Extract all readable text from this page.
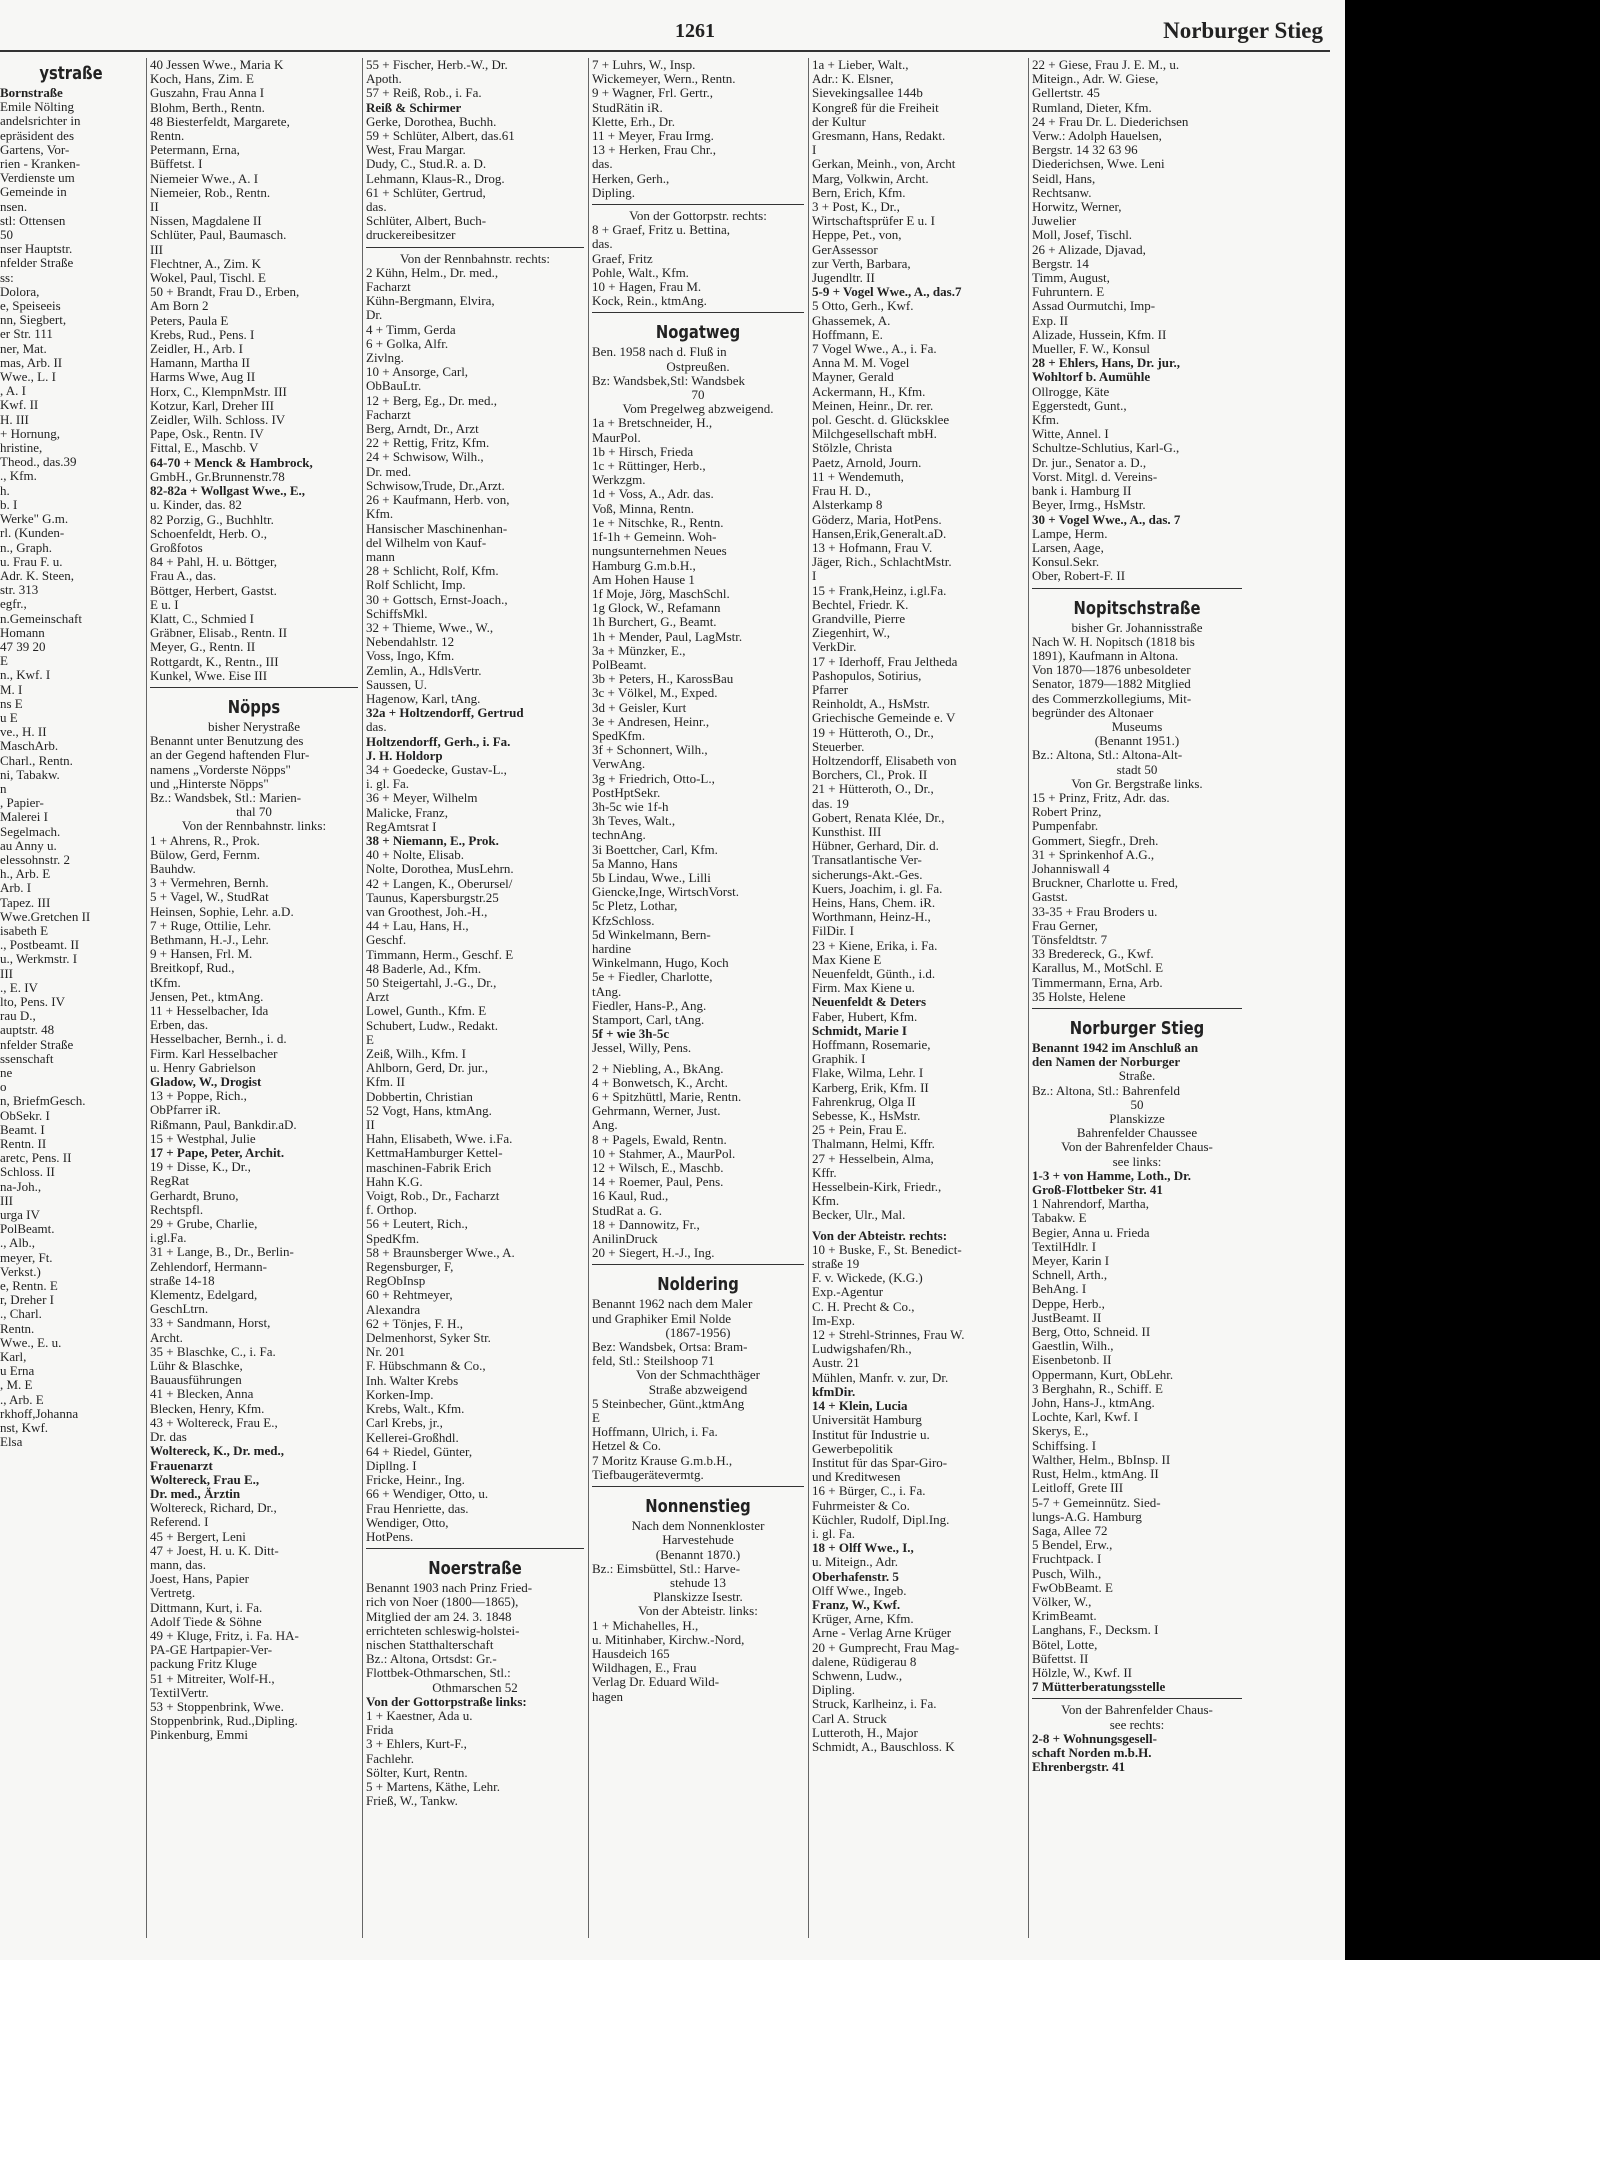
1261	Norburger Stieg
ystraße
Bornstraße
Emile Nölting
andelsrichter in
epräsident des
Gartens, Vor-
rien - Kranken-
Verdienste um
Gemeinde in
nsen.
stl: Ottensen
50
nser Hauptstr.
nfelder Straße
ss:
Dolora,
e, Speiseeis
nn, Siegbert,
er Str. 111
ner, Mat.
mas, Arb. II
Wwe., L. I
, A. I
Kwf. II
H. III
+ Hornung,
hristine,
Theod., das.39
., Kfm.
h.
b. I
Werke" G.m.
rl. (Kunden-
n., Graph.
u. Frau F. u.
Adr. K. Steen,
str. 313
egfr.,
n.Gemeinschaft
Homann
47 39 20
E
n., Kwf. I
M. I
ns E
u E
ve., H. II
MaschArb.
Charl., Rentn.
ni, Tabakw.
n
, Papier-
Malerei I
Segelmach.
au Anny u.
elessohnstr. 2
h., Arb. E
Arb. I
Tapez. III
Wwe.Gretchen II
isabeth E
., Postbeamt. II
u., Werkmstr. I
III
., E. IV
lto, Pens. IV
rau D.,
auptstr. 48
nfelder Straße
ssenschaft
ne
o
n, BriefmGesch.
ObSekr. I
Beamt. I
Rentn. II
aretc, Pens. II
Schloss. II
na-Joh.,
III
urga IV
PolBeamt.
., Alb.,
meyer, Ft.
Verkst.)
e, Rentn. E
r, Dreher I
., Charl.
Rentn.
Wwe., E. u.
Karl,
u Erna
, M. E
., Arb. E
rkhoff,Johanna
nst, Kwf.
Elsa
40 Jessen Wwe., Maria K
Koch, Hans, Zim. E
Guszahn, Frau Anna I
Blohm, Berth., Rentn.
48 Biesterfeldt, Margarete,
Rentn.
Petermann, Erna,
Büffetst. I
Niemeier Wwe., A. I
Niemeier, Rob., Rentn.
II
Nissen, Magdalene II
Schlüter, Paul, Baumasch.
III
Flechtner, A., Zim. K
Wokel, Paul, Tischl. E
50 + Brandt, Frau D., Erben,
Am Born 2
Peters, Paula E
Krebs, Rud., Pens. I
Zeidler, H., Arb. I
Hamann, Martha II
Harms Wwe, Aug II
Horx, C., KlempnMstr. III
Kotzur, Karl, Dreher III
Zeidler, Wilh. Schloss. IV
Pape, Osk., Rentn. IV
Fittal, E., Maschb. V
64-70 + Menck & Hambrock,
GmbH., Gr.Brunnenstr.78
82-82a + Wollgast Wwe., E.,
u. Kinder, das. 82
82 Porzig, G., Buchhltr.
Schoenfeldt, Herb. O.,
Großfotos
84 + Pahl, H. u. Böttger,
Frau A., das.
Böttger, Herbert, Gastst.
E u. I
Klatt, C., Schmied I
Gräbner, Elisab., Rentn. II
Meyer, G., Rentn. II
Rottgardt, K., Rentn., III
Kunkel, Wwe. Eise III
Nöpps
bisher Nerystraße
Benannt unter Benutzung des
an der Gegend haftenden Flur-
namens „Vorderste Nöpps"
und „Hinterste Nöpps"
Bz.: Wandsbek, Stl.: Marien-
thal 70
Von der Rennbahnstr. links:
1 + Ahrens, R., Prok.
Bülow, Gerd, Fernm.
Bauhdw.
3 + Vermehren, Bernh.
5 + Vagel, W., StudRat
Heinsen, Sophie, Lehr. a.D.
7 + Ruge, Ottilie, Lehr.
Bethmann, H.-J., Lehr.
9 + Hansen, Frl. M.
Breitkopf, Rud.,
tKfm.
Jensen, Pet., ktmAng.
11 + Hesselbacher, Ida
Erben, das.
Hesselbacher, Bernh., i. d.
Firm. Karl Hesselbacher
u. Henry Gabrielson
Gladow, W., Drogist
13 + Poppe, Rich.,
ObPfarrer iR.
Rißmann, Paul, Bankdir.aD.
15 + Westphal, Julie
17 + Pape, Peter, Archit.
19 + Disse, K., Dr.,
RegRat
Gerhardt, Bruno,
Rechtspfl.
29 + Grube, Charlie,
i.gl.Fa.
31 + Lange, B., Dr., Berlin-
Zehlendorf, Hermann-
straße 14-18
Klementz, Edelgard,
GeschLtrn.
33 + Sandmann, Horst,
Archt.
35 + Blaschke, C., i. Fa.
Lühr & Blaschke,
Bauausführungen
41 + Blecken, Anna
Blecken, Henry, Kfm.
43 + Woltereck, Frau E.,
Dr. das
Woltereck, K., Dr. med.,
Frauenarzt
Woltereck, Frau E.,
Dr. med., Ärztin
Woltereck, Richard, Dr.,
Referend. I
45 + Bergert, Leni
47 + Joest, H. u. K. Ditt-
mann, das.
Joest, Hans, Papier
Vertretg.
Dittmann, Kurt, i. Fa.
Adolf Tiede & Söhne
49 + Kluge, Fritz, i. Fa. HA-
PA-GE Hartpapier-Ver-
packung Fritz Kluge
51 + Mitreiter, Wolf-H.,
TextilVertr.
53 + Stoppenbrink, Wwe.
Stoppenbrink, Rud.,Dipling.
Pinkenburg, Emmi
55 + Fischer, Herb.-W., Dr.
Apoth.
57 + Reiß, Rob., i. Fa.
Reiß & Schirmer
Gerke, Dorothea, Buchh.
59 + Schlüter, Albert, das.61
West, Frau Margar.
Dudy, C., Stud.R. a. D.
Lehmann, Klaus-R., Drog.
61 + Schlüter, Gertrud,
das.
Schlüter, Albert, Buch-
druckereibesitzer
Von der Rennbahnstr. rechts:
2 Kühn, Helm., Dr. med.,
Facharzt
Kühn-Bergmann, Elvira,
Dr.
4 + Timm, Gerda
6 + Golka, Alfr.
Zivlng.
10 + Ansorge, Carl,
ObBauLtr.
12 + Berg, Eg., Dr. med.,
Facharzt
Berg, Arndt, Dr., Arzt
22 + Rettig, Fritz, Kfm.
24 + Schwisow, Wilh.,
Dr. med.
Schwisow,Trude, Dr.,Arzt.
26 + Kaufmann, Herb. von,
Kfm.
Hansischer Maschinenhan-
del Wilhelm von Kauf-
mann
28 + Schlicht, Rolf, Kfm.
Rolf Schlicht, Imp.
30 + Gottsch, Ernst-Joach.,
SchiffsMkl.
32 + Thieme, Wwe., W.,
Nebendahlstr. 12
Voss, Ingo, Kfm.
Zemlin, A., HdlsVertr.
Saussen, U.
Hagenow, Karl, tAng.
32a + Holtzendorff, Gertrud
das.
Holtzendorff, Gerh., i. Fa.
J. H. Holdorp
34 + Goedecke, Gustav-L.,
i. gl. Fa.
36 + Meyer, Wilhelm
Malicke, Franz,
RegAmtsrat I
38 + Niemann, E., Prok.
40 + Nolte, Elisab.
Nolte, Dorothea, MusLehrn.
42 + Langen, K., Oberursel/
Taunus, Kapersburgstr.25
van Groothest, Joh.-H.,
44 + Lau, Hans, H.,
Geschf.
Timmann, Herm., Geschf. E
48 Baderle, Ad., Kfm.
50 Steigertahl, J.-G., Dr.,
Arzt
Lowel, Gunth., Kfm. E
Schubert, Ludw., Redakt.
E
Zeiß, Wilh., Kfm. I
Ahlborn, Gerd, Dr. jur.,
Kfm. II
Dobbertin, Christian
52 Vogt, Hans, ktmAng.
II
Hahn, Elisabeth, Wwe. i.Fa.
KettmaHamburger Kettel-
maschinen-Fabrik Erich
Hahn K.G.
Voigt, Rob., Dr., Facharzt
f. Orthop.
56 + Leutert, Rich.,
SpedKfm.
58 + Braunsberger Wwe., A.
Regensburger, F,
RegObInsp
60 + Rehtmeyer,
Alexandra
62 + Tönjes, F. H.,
Delmenhorst, Syker Str.
Nr. 201
F. Hübschmann & Co.,
Inh. Walter Krebs
Korken-Imp.
Krebs, Walt., Kfm.
Carl Krebs, jr.,
Kellerei-Großhdl.
64 + Riedel, Günter,
Dipllng. I
Fricke, Heinr., Ing.
66 + Wendiger, Otto, u.
Frau Henriette, das.
Wendiger, Otto,
HotPens.
Noerstraße
Benannt 1903 nach Prinz Fried-
rich von Noer (1800—1865),
Mitglied der am 24. 3. 1848
errichteten schleswig-holstei-
nischen Statthalterschaft
Bz.: Altona, Ortsdst: Gr.-
Flottbek-Othmarschen, Stl.:
Othmarschen 52
Von der Gottorpstraße links:
1 + Kaestner, Ada u.
Frida
3 + Ehlers, Kurt-F.,
Fachlehr.
Sölter, Kurt, Rentn.
5 + Martens, Käthe, Lehr.
Frieß, W., Tankw.
7 + Luhrs, W., Insp.
Wickemeyer, Wern., Rentn.
9 + Wagner, Frl. Gertr.,
StudRätin iR.
Klette, Erh., Dr.
11 + Meyer, Frau Irmg.
13 + Herken, Frau Chr.,
das.
Herken, Gerh.,
Dipling.
Von der Gottorpstr. rechts:
8 + Graef, Fritz u. Bettina,
das.
Graef, Fritz
Pohle, Walt., Kfm.
10 + Hagen, Frau M.
Kock, Rein., ktmAng.
Nogatweg
Ben. 1958 nach d. Fluß in
Ostpreußen.
Bz: Wandsbek,Stl: Wandsbek
70
Vom Pregelweg abzweigend.
1a + Bretschneider, H.,
MaurPol.
1b + Hirsch, Frieda
1c + Rüttinger, Herb.,
Werkzgm.
1d + Voss, A., Adr. das.
Voß, Minna, Rentn.
1e + Nitschke, R., Rentn.
1f-1h + Gemeinn. Woh-
nungsunternehmen Neues
Hamburg G.m.b.H.,
Am Hohen Hause 1
1f Moje, Jörg, MaschSchl.
1g Glock, W., Refamann
1h Burchert, G., Beamt.
1h + Mender, Paul, LagMstr.
3a + Münzker, E.,
PolBeamt.
3b + Peters, H., KarossBau
3c + Völkel, M., Exped.
3d + Geisler, Kurt
3e + Andresen, Heinr.,
SpedKfm.
3f + Schonnert, Wilh.,
VerwAng.
3g + Friedrich, Otto-L.,
PostHptSekr.
3h-5c wie 1f-h
3h Teves, Walt.,
technAng.
3i Boettcher, Carl, Kfm.
5a Manno, Hans
5b Lindau, Wwe., Lilli
Giencke,Inge, WirtschVorst.
5c Pletz, Lothar,
KfzSchloss.
5d Winkelmann, Bern-
hardine
Winkelmann, Hugo, Koch
5e + Fiedler, Charlotte,
tAng.
Fiedler, Hans-P., Ang.
Stamport, Carl, tAng.
5f + wie 3h-5c
Jessel, Willy, Pens.
2 + Niebling, A., BkAng.
4 + Bonwetsch, K., Archt.
6 + Spitzhüttl, Marie, Rentn.
Gehrmann, Werner, Just.
Ang.
8 + Pagels, Ewald, Rentn.
10 + Stahmer, A., MaurPol.
12 + Wilsch, E., Maschb.
14 + Roemer, Paul, Pens.
16 Kaul, Rud.,
StudRat a. G.
18 + Dannowitz, Fr.,
AnilinDruck
20 + Siegert, H.-J., Ing.
Noldering
Benannt 1962 nach dem Maler
und Graphiker Emil Nolde
(1867-1956)
Bez: Wandsbek, Ortsa: Bram-
feld, Stl.: Steilshoop 71
Von der Schmachthäger
Straße abzweigend
5 Steinbecher, Günt.,ktmAng
E
Hoffmann, Ulrich, i. Fa.
Hetzel & Co.
7 Moritz Krause G.m.b.H.,
Tiefbaugerätevermtg.
Nonnenstieg
Nach dem Nonnenkloster
Harvestehude
(Benannt 1870.)
Bz.: Eimsbüttel, Stl.: Harve-
stehude 13
Planskizze Isestr.
Von der Abteistr. links:
1 + Michahelles, H.,
u. Mitinhaber, Kirchw.-Nord,
Hausdeich 165
Wildhagen, E., Frau
Verlag Dr. Eduard Wild-
hagen
1a + Lieber, Walt.,
Adr.: K. Elsner,
Sievekingsallee 144b
Kongreß für die Freiheit
der Kultur
Gresmann, Hans, Redakt.
I
Gerkan, Meinh., von, Archt
Marg, Volkwin, Archt.
Bern, Erich, Kfm.
3 + Post, K., Dr.,
Wirtschaftsprüfer E u. I
Heppe, Pet., von,
GerAssessor
zur Verth, Barbara,
Jugendltr. II
5-9 + Vogel Wwe., A., das.7
5 Otto, Gerh., Kwf.
Ghassemek, A.
Hoffmann, E.
7 Vogel Wwe., A., i. Fa.
Anna M. M. Vogel
Mayner, Gerald
Ackermann, H., Kfm.
Meinen, Heinr., Dr. rer.
pol. Gescht. d. Glücksklee
Milchgesellschaft mbH.
Stölzle, Christa
Paetz, Arnold, Journ.
11 + Wendemuth,
Frau H. D.,
Alsterkamp 8
Göderz, Maria, HotPens.
Hansen,Erik,Generalt.aD.
13 + Hofmann, Frau V.
Jäger, Rich., SchlachtMstr.
I
15 + Frank,Heinz, i.gl.Fa.
Bechtel, Friedr. K.
Grandville, Pierre
Ziegenhirt, W.,
VerkDir.
17 + Iderhoff, Frau Jeltheda
Pashopulos, Sotirius,
Pfarrer
Reinholdt, A., HsMstr.
Griechische Gemeinde e. V
19 + Hütteroth, O., Dr.,
Steuerber.
Holtzendorff, Elisabeth von
Borchers, Cl., Prok. II
21 + Hütteroth, O., Dr.,
das. 19
Gobert, Renata Klée, Dr.,
Kunsthist. III
Hübner, Gerhard, Dir. d.
Transatlantische Ver-
sicherungs-Akt.-Ges.
Kuers, Joachim, i. gl. Fa.
Heins, Hans, Chem. iR.
Worthmann, Heinz-H.,
FilDir. I
23 + Kiene, Erika, i. Fa.
Max Kiene E
Neuenfeldt, Günth., i.d.
Firm. Max Kiene u.
Neuenfeldt & Deters
Faber, Hubert, Kfm.
Schmidt, Marie I
Hoffmann, Rosemarie,
Graphik. I
Flake, Wilma, Lehr. I
Karberg, Erik, Kfm. II
Fahrenkrug, Olga II
Sebesse, K., HsMstr.
25 + Pein, Frau E.
Thalmann, Helmi, Kffr.
27 + Hesselbein, Alma,
Kffr.
Hesselbein-Kirk, Friedr.,
Kfm.
Becker, Ulr., Mal.
Von der Abteistr. rechts:
10 + Buske, F., St. Benedict-
straße 19
F. v. Wickede, (K.G.)
Exp.-Agentur
C. H. Precht & Co.,
Im-Exp.
12 + Strehl-Strinnes, Frau W.
Ludwigshafen/Rh.,
Austr. 21
Mühlen, Manfr. v. zur, Dr.
kfmDir.
14 + Klein, Lucia
Universität Hamburg
Institut für Industrie u.
Gewerbepolitik
Institut für das Spar-Giro-
und Kreditwesen
16 + Bürger, C., i. Fa.
Fuhrmeister & Co.
Küchler, Rudolf, Dipl.Ing.
i. gl. Fa.
18 + Olff Wwe., I.,
u. Miteign., Adr.
Oberhafenstr. 5
Olff Wwe., Ingeb.
Franz, W., Kwf.
Krüger, Arne, Kfm.
Arne - Verlag Arne Krüger
20 + Gumprecht, Frau Mag-
dalene, Rüdigerau 8
Schwenn, Ludw.,
Dipling.
Struck, Karlheinz, i. Fa.
Carl A. Struck
Lutteroth, H., Major
Schmidt, A., Bauschloss. K
22 + Giese, Frau J. E. M., u.
Miteign., Adr. W. Giese,
Gellertstr. 45
Rumland, Dieter, Kfm.
24 + Frau Dr. L. Diederichsen
Verw.: Adolph Hauelsen,
Bergstr. 14 32 63 96
Diederichsen, Wwe. Leni
Seidl, Hans,
Rechtsanw.
Horwitz, Werner,
Juwelier
Moll, Josef, Tischl.
26 + Alizade, Djavad,
Bergstr. 14
Timm, August,
Fuhruntern. E
Assad Ourmutchi, Imp-
Exp. II
Alizade, Hussein, Kfm. II
Mueller, F. W., Konsul
28 + Ehlers, Hans, Dr. jur.,
Wohltorf b. Aumühle
Ollrogge, Käte
Eggerstedt, Gunt.,
Kfm.
Witte, Annel. I
Schultze-Schlutius, Karl-G.,
Dr. jur., Senator a. D.,
Vorst. Mitgl. d. Vereins-
bank i. Hamburg II
Beyer, Irmg., HsMstr.
30 + Vogel Wwe., A., das. 7
Lampe, Herm.
Larsen, Aage,
Konsul.Sekr.
Ober, Robert-F. II
Nopitschstraße
bisher Gr. Johannisstraße
Nach W. H. Nopitsch (1818 bis
1891), Kaufmann in Altona.
Von 1870—1876 unbesoldeter
Senator, 1879—1882 Mitglied
des Commerzkollegiums, Mit-
begründer des Altonaer
Museums
(Benannt 1951.)
Bz.: Altona, Stl.: Altona-Alt-
stadt 50
Von Gr. Bergstraße links.
15 + Prinz, Fritz, Adr. das.
Robert Prinz,
Pumpenfabr.
Gommert, Siegfr., Dreh.
31 + Sprinkenhof A.G.,
Johanniswall 4
Bruckner, Charlotte u. Fred,
Gastst.
33-35 + Frau Broders u.
Frau Gerner,
Tönsfeldtstr. 7
33 Bredereck, G., Kwf.
Karallus, M., MotSchl. E
Timmermann, Erna, Arb.
35 Holste, Helene
Norburger Stieg
Benannt 1942 im Anschluß an
den Namen der Norburger
Straße.
Bz.: Altona, Stl.: Bahrenfeld
50
Planskizze
Bahrenfelder Chaussee
Von der Bahrenfelder Chaus-
see links:
1-3 + von Hamme, Loth., Dr.
Groß-Flottbeker Str. 41
1 Nahrendorf, Martha,
Tabakw. E
Begier, Anna u. Frieda
TextilHdlr. I
Meyer, Karin I
Schnell, Arth.,
BehAng. I
Deppe, Herb.,
JustBeamt. II
Berg, Otto, Schneid. II
Gaestlin, Wilh.,
Eisenbetonb. II
Oppermann, Kurt, ObLehr.
3 Berghahn, R., Schiff. E
John, Hans-J., ktmAng.
Lochte, Karl, Kwf. I
Skerys, E.,
Schiffsing. I
Walther, Helm., BbInsp. II
Rust, Helm., ktmAng. II
Leitloff, Grete III
5-7 + Gemeinnütz. Sied-
lungs-A.G. Hamburg
Saga, Allee 72
5 Bendel, Erw.,
Fruchtpack. I
Pusch, Wilh.,
FwObBeamt. E
Völker, W.,
KrimBeamt.
Langhans, F., Decksm. I
Bötel, Lotte,
Büfettst. II
Hölzle, W., Kwf. II
7 Mütterberatungsstelle
Von der Bahrenfelder Chaus-
see rechts:
2-8 + Wohnungsgesell-
schaft Norden m.b.H.
Ehrenbergstr. 41
